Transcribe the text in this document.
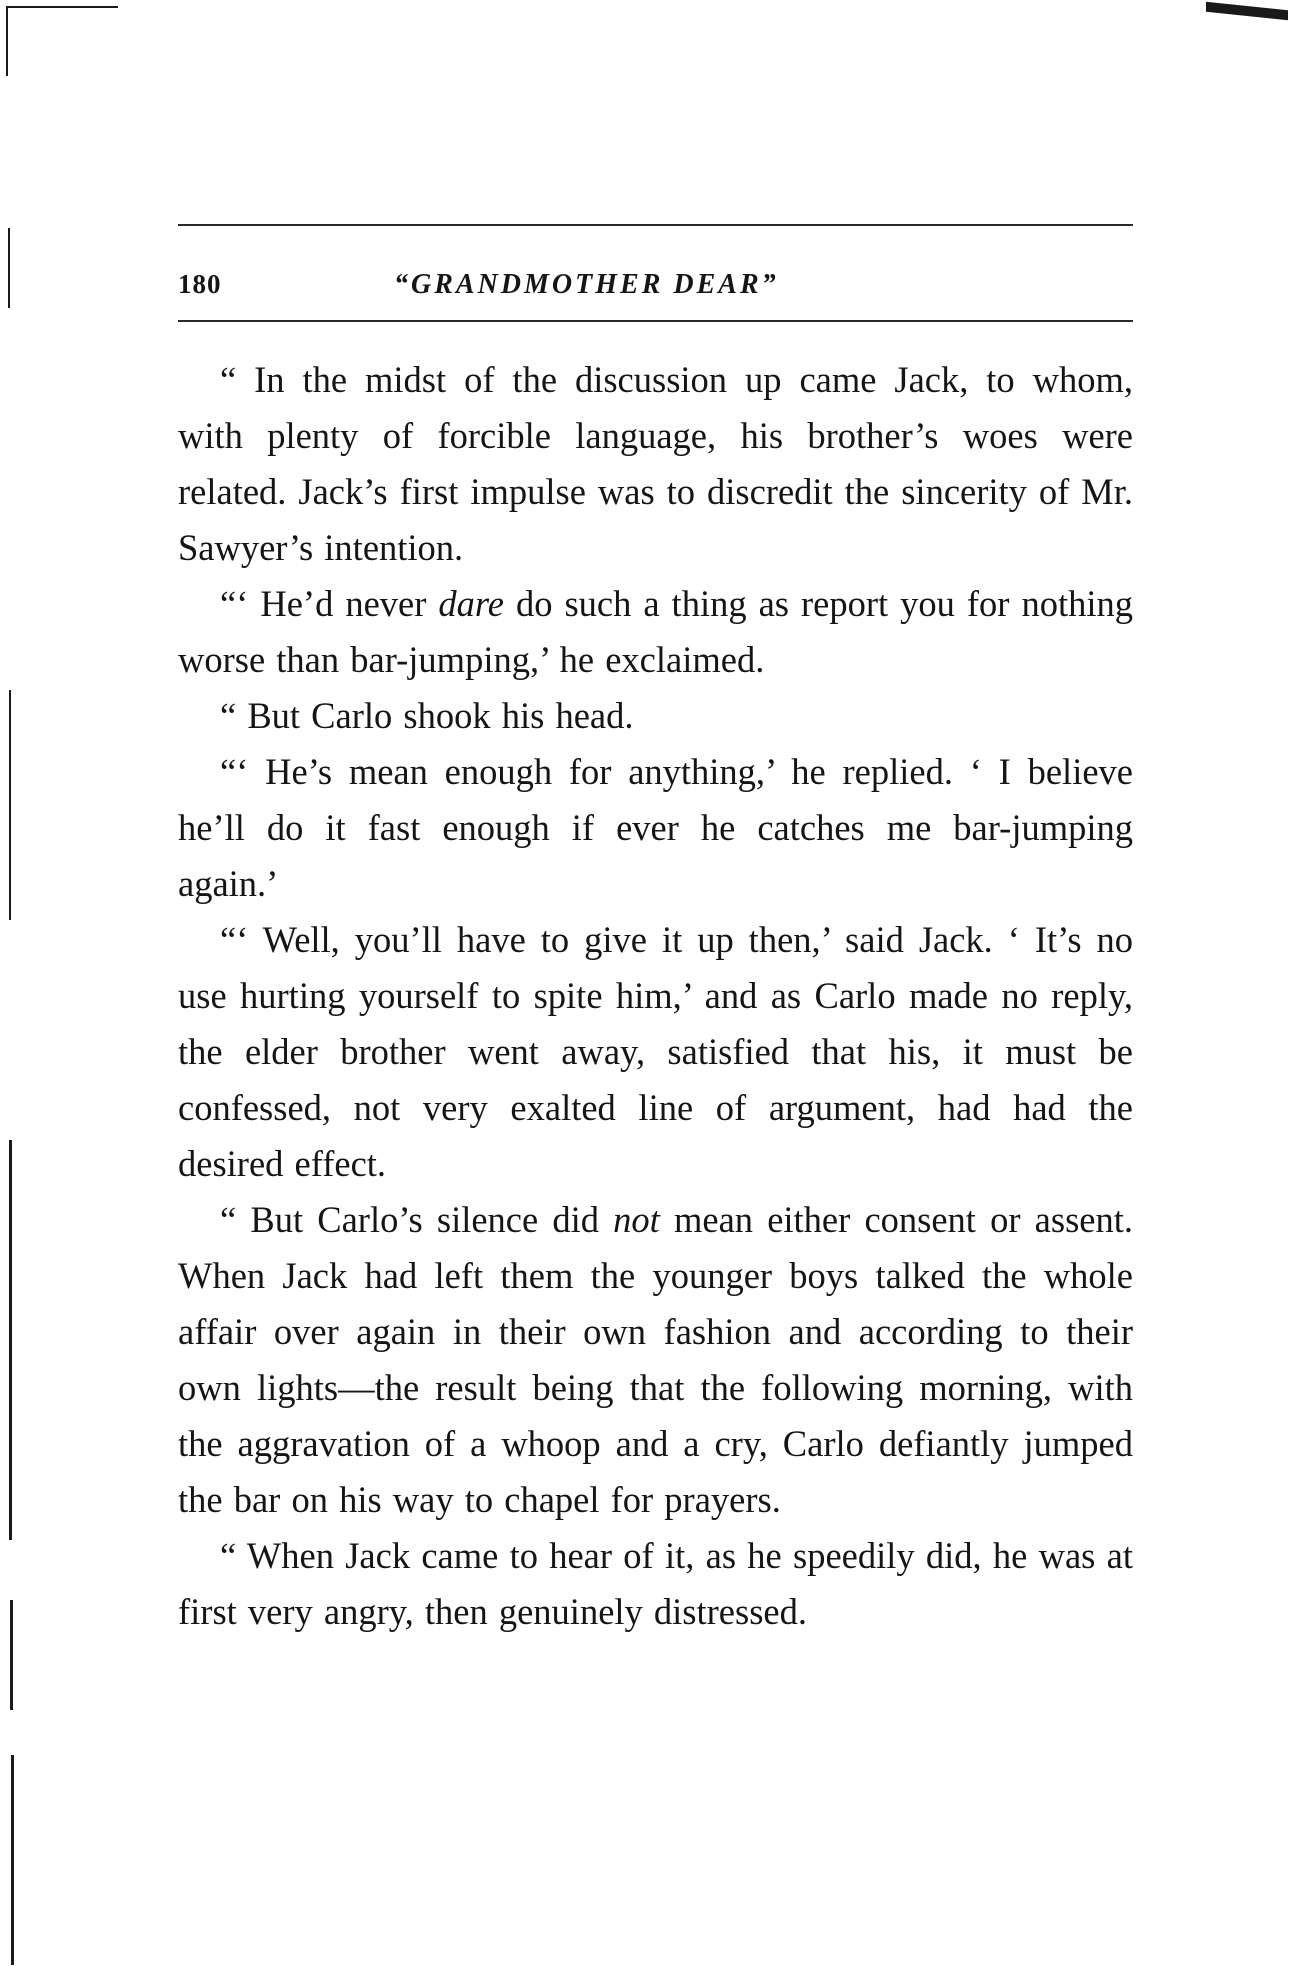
180	“GRANDMOTHER DEAR”

“ In the midst of the discussion up came Jack, to whom, with plenty of forcible language, his brother’s woes were related. Jack’s first impulse was to discredit the sincerity of Mr. Sawyer’s intention.

“‘ He’d never dare do such a thing as report you for nothing worse than bar-jumping,’ he exclaimed.

“ But Carlo shook his head.

“‘ He’s mean enough for anything,’ he replied. ‘ I believe he’ll do it fast enough if ever he catches me bar-jumping again.’

“‘ Well, you’ll have to give it up then,’ said Jack. ‘ It’s no use hurting yourself to spite him,’ and as Carlo made no reply, the elder brother went away, satisfied that his, it must be confessed, not very exalted line of argument, had had the desired effect.

“ But Carlo’s silence did not mean either consent or assent. When Jack had left them the younger boys talked the whole affair over again in their own fashion and according to their own lights—the result being that the following morning, with the aggravation of a whoop and a cry, Carlo defiantly jumped the bar on his way to chapel for prayers.

“ When Jack came to hear of it, as he speedily did, he was at first very angry, then genuinely distressed.
